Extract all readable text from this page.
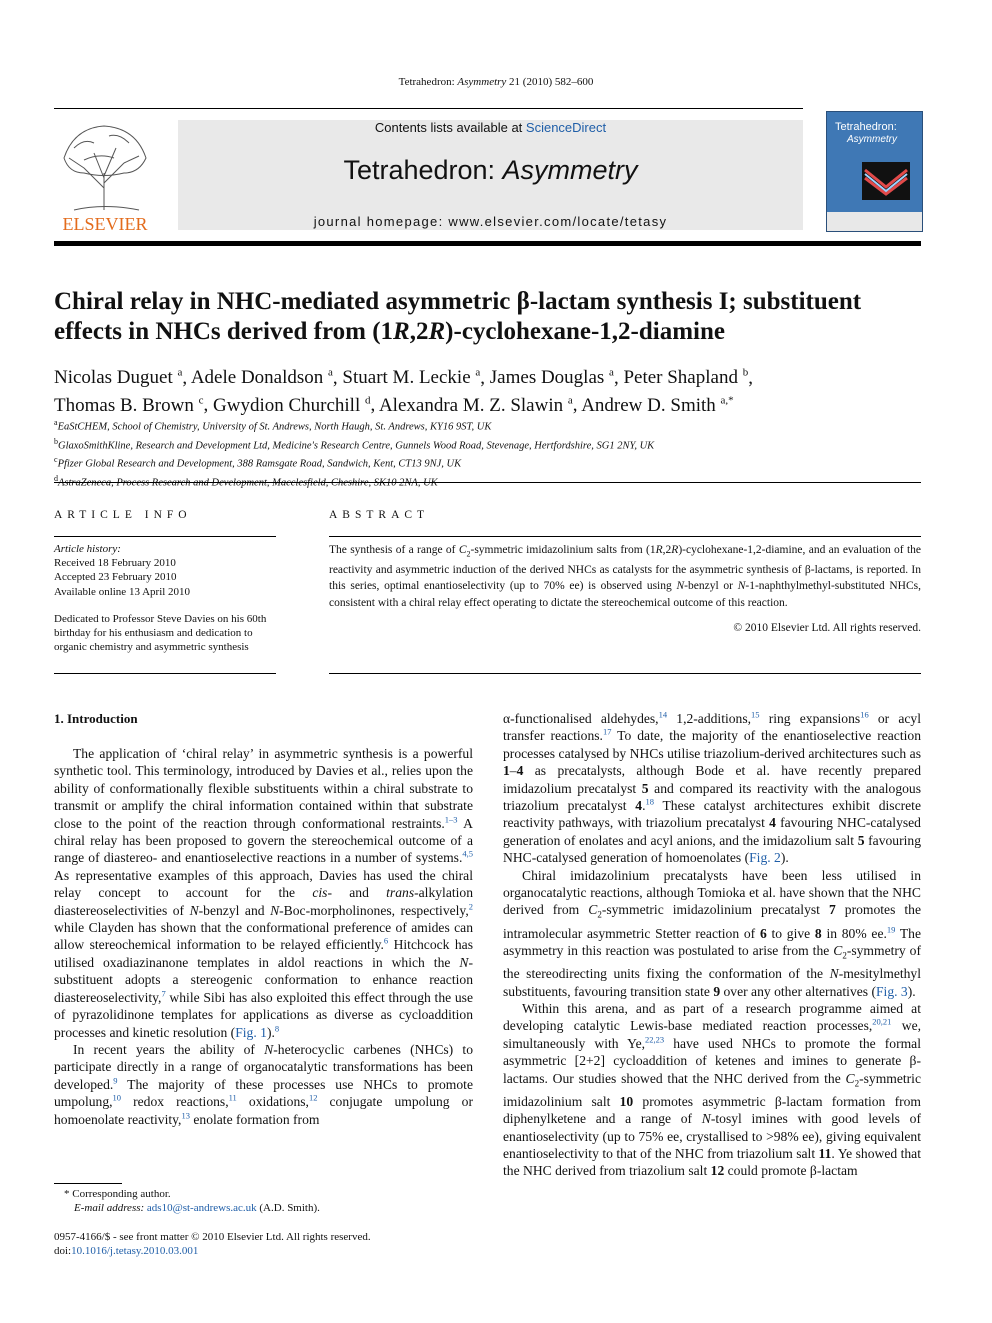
Tetrahedron: Asymmetry 21 (2010) 582–600
ELSEVIER
Contents lists available at ScienceDirect
Tetrahedron: Asymmetry
journal homepage: www.elsevier.com/locate/tetasy
Tetrahedron:
Asymmetry
Chiral relay in NHC-mediated asymmetric β-lactam synthesis I; substituent effects in NHCs derived from (1R,2R)-cyclohexane-1,2-diamine
Nicolas Duguet $^a$, Adele Donaldson $^a$, Stuart M. Leckie $^a$, James Douglas $^a$, Peter Shapland $^b$,
Thomas B. Brown $^c$, Gwydion Churchill $^d$, Alexandra M. Z. Slawin $^a$, Andrew D. Smith $^{a,*}$
$^a$EaStCHEM, School of Chemistry, University of St. Andrews, North Haugh, St. Andrews, KY16 9ST, UK
$^b$GlaxoSmithKline, Research and Development Ltd, Medicine's Research Centre, Gunnels Wood Road, Stevenage, Hertfordshire, SG1 2NY, UK
$^c$Pfizer Global Research and Development, 388 Ramsgate Road, Sandwich, Kent, CT13 9NJ, UK
$^d$
ARTICLE INFO	ABSTRACT
Article history:
Received 18 February 2010
Accepted 23 February 2010
Available online 13 April 2010
Dedicated to Professor Steve Davies on his 60th birthday for his enthusiasm and dedication to organic chemistry and asymmetric synthesis
The synthesis of a range of $C_2$-symmetric imidazolinium salts from (1R,2R)-cyclohexane-1,2-diamine, and an evaluation of the reactivity and asymmetric induction of the derived NHCs as catalysts for the asymmetric synthesis of β-lactams, is reported. In this series, optimal enantioselectivity (up to 70% ee) is observed using N-benzyl or N-1-naphthylmethyl-substituted NHCs, consistent with a chiral relay effect operating to dictate the stereochemical outcome of this reaction.
© 2010 Elsevier Ltd. All rights reserved.
1. Introduction

The application of ‘chiral relay’ in asymmetric synthesis is a powerful synthetic tool. This terminology, introduced by Davies et al., relies upon the ability of conformationally flexible substituents within a chiral substrate to transmit or amplify the chiral information contained within that substrate close to the point of the reaction through conformational restraints.$^{1-3}$ A chiral relay has been proposed to govern the stereochemical outcome of a range of diastereo- and enantioselective reactions in a number of systems.$^{4,5}$ As representative examples of this approach, Davies has used the chiral relay concept to account for the cis- and trans-alkylation diastereoselectivities of N-benzyl and N-Boc-morpholinones, respectively,$^2$ while Clayden has shown that the conformational preference of amides can allow stereochemical information to be relayed efficiently.$^6$ Hitchcock has utilised oxadiazinanone templates in aldol reactions in which the N-substituent adopts a stereogenic conformation to enhance reaction diastereoselectivity,$^7$ while Sibi has also exploited this effect through the use of pyrazolidinone templates for applications as diverse as cycloaddition processes and kinetic resolution (Fig. 1).$^8$

In recent years the ability of N-heterocyclic carbenes (NHCs) to participate directly in a range of organocatalytic transformations has been developed.$^9$ The majority of these processes use NHCs to promote umpolung,$^{10}$ redox reactions,$^{11}$ oxidations,$^{12}$ conjugate umpolung or homoenolate reactivity,$^{13}$ enolate formation from

α-functionalised aldehydes,$^{14}$ 1,2-additions,$^{15}$ ring expansions$^{16}$ or acyl transfer reactions.$^{17}$ To date, the majority of the enantioselective reaction processes catalysed by NHCs utilise triazolium-derived architectures such as 1–4 as precatalysts, although Bode et al. have recently prepared imidazolium precatalyst 5 and compared its reactivity with the analogous triazolium precatalyst 4.18 These catalyst architectures exhibit discrete reactivity pathways, with triazolium precatalyst 4 favouring NHC-catalysed generation of enolates and acyl anions, and the imidazolium salt 5 favouring NHC-catalysed generation of homoenolates (Fig. 2).

Chiral imidazolinium precatalysts have been less utilised in organocatalytic reactions, although Tomioka et al. have shown that the NHC derived from $C_2$-symmetric imidazolinium precatalyst 7 promotes the intramolecular asymmetric Stetter reaction of 6 to give 8 in 80% ee.$^{19}$ The asymmetry in this reaction was postulated to arise from the $C_2$-symmetry of the stereodirecting units fixing the conformation of the N-mesitylmethyl substituents, favouring transition state 9 over any other alternatives (Fig. 3).

Within this arena, and as part of a research programme aimed at developing catalytic Lewis-base mediated reaction processes,$^{20,21}$ we, simultaneously with Ye,$^{22,23}$ have used NHCs to promote the formal asymmetric [2+2] cycloaddition of ketenes and imines to generate β-lactams. Our studies showed that the NHC derived from the $C_2$-symmetric imidazolinium salt 10 promotes asymmetric β-lactam formation from diphenylketene and a range of N-tosyl imines with good levels of enantioselectivity (up to 75% ee, crystallised to >98% ee), giving equivalent enantioselectivity to that of the NHC from triazolium salt 11. Ye showed that the NHC derived from triazolium salt 12 could promote β-lactam

* Corresponding author.
E-mail address: ads10@st-andrews.ac.uk (A.D. Smith).
0957-4166/$ - see front matter © 2010 Elsevier Ltd. All rights reserved.
doi:10.1016/j.tetasy.2010.03.001
